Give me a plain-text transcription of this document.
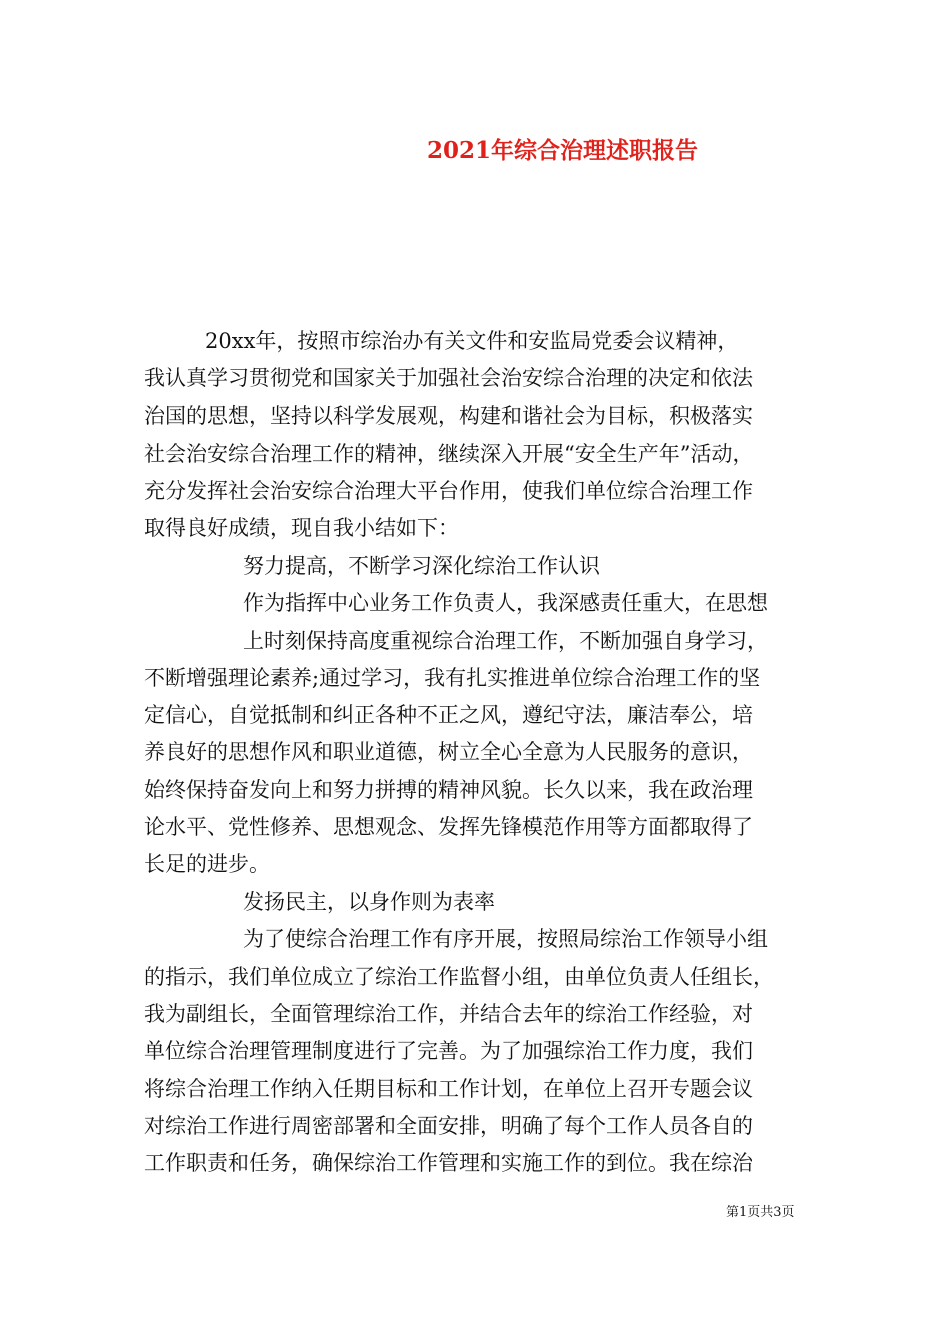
2021年综合治理述职报告

20xx年，按照市综治办有关文件和安监局党委会议精神，

我认真学习贯彻党和国家关于加强社会治安综合治理的决定和依法

治国的思想，坚持以科学发展观，构建和谐社会为目标，积极落实

社会治安综合治理工作的精神，继续深入开展“安全生产年”活动，

充分发挥社会治安综合治理大平台作用，使我们单位综合治理工作

取得良好成绩，现自我小结如下：

努力提高，不断学习深化综治工作认识

作为指挥中心业务工作负责人，我深感责任重大，在思想

上时刻保持高度重视综合治理工作，不断加强自身学习，

不断增强理论素养;通过学习，我有扎实推进单位综合治理工作的坚

定信心，自觉抵制和纠正各种不正之风，遵纪守法，廉洁奉公，培

养良好的思想作风和职业道德，树立全心全意为人民服务的意识，

始终保持奋发向上和努力拼搏的精神风貌。长久以来，我在政治理

论水平、党性修养、思想观念、发挥先锋模范作用等方面都取得了

长足的进步。

发扬民主，以身作则为表率

为了使综合治理工作有序开展，按照局综治工作领导小组

的指示，我们单位成立了综治工作监督小组，由单位负责人任组长，

我为副组长，全面管理综治工作，并结合去年的综治工作经验，对

单位综合治理管理制度进行了完善。为了加强综治工作力度，我们

将综合治理工作纳入任期目标和工作计划，在单位上召开专题会议

对综治工作进行周密部署和全面安排，明确了每个工作人员各自的

工作职责和任务，确保综治工作管理和实施工作的到位。我在综治

第1页共3页
